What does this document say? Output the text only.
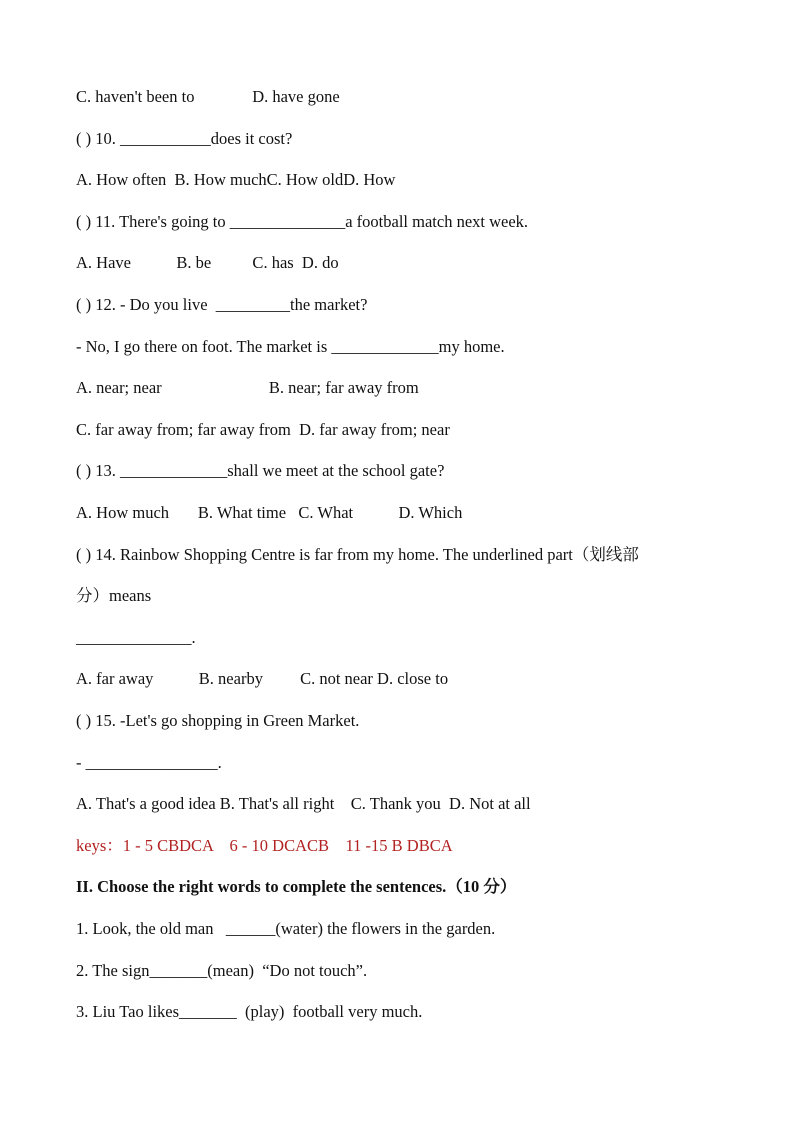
C. haven't been to              D. have gone
( ) 10. ___________does it cost?
A. How often  B. How muchC. How oldD. How
( ) 11. There's going to ______________a football match next week.
A. Have           B. be          C. has  D. do
( ) 12. - Do you live  _________the market?
- No, I go there on foot. The market is _____________my home.
A. near; near                          B. near; far away from
C. far away from; far away from  D. far away from; near
( ) 13. _____________shall we meet at the school gate?
A. How much       B. What time   C. What           D. Which
( ) 14. Rainbow Shopping Centre is far from my home. The underlined part（划线部
分）means
______________.
A. far away           B. nearby         C. not near D. close to
( ) 15. -Let's go shopping in Green Market.
- ________________.
A. That's a good idea B. That's all right    C. Thank you  D. Not at all
keys：1 - 5 CBDCA    6 - 10 DCACB    11 -15 B DBCA
II. Choose the right words to complete the sentences.（10 分）
1. Look, the old man   ______(water) the flowers in the garden.
2. The sign_______(mean)  “Do not touch”.
3. Liu Tao likes_______  (play)  football very much.
